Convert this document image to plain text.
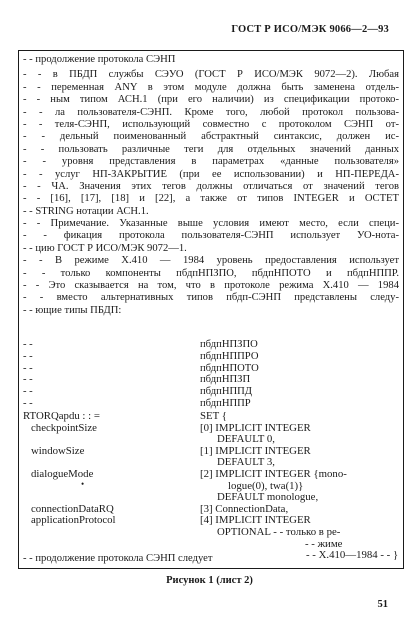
ГОСТ Р ИСО/МЭК 9066—2—93
- - продолжение протокола СЭНП
- - в ПБДП службы СЭУО (ГОСТ Р ИСО/МЭК 9072—2). Любая
- - переменная ANY в этом модуле должна быть заменена отдель-
- - ным типом АСН.1 (при его наличии) из спецификации протоко-
- - ла пользователя-СЭНП. Кроме того, любой протокол пользова-
- - теля-СЭНП, использующий совместно с протоколом СЭНП от-
- - дельный поименованный абстрактный синтаксис, должен ис-
- - пользовать различные теги для отдельных значений данных
- - уровня представления в параметрах «данные пользователя»
- - услуг НП-ЗАКРЫТИЕ (при ее использовании) и НП-ПЕРЕДА-
- - ЧА. Значения этих тегов должны отличаться от значений тегов
- - [16], [17], [18] и [22], а также от типов INTEGER и OCTET
- - STRING нотации АСН.1.
- - Примечание. Указанные выше условия имеют место, если специ-
- - фикация протокола пользователя-СЭНП использует УО-нота-
- - цию ГОСТ Р ИСО/МЭК 9072—1.
- - В режиме Х.410 — 1984 уровень предоставления использует
- - только компоненты пбдпНПЗПО, пбдпНПОТО и пбдпНППР.
- - Это сказывается на том, что в протоколе режима Х.410 — 1984
- - вместо альтернативных типов пбдп-СЭНП представлены следу-
- - ющие типы ПБДП:
- -	пбдпНПЗПО
- -	пбдпНППРО
- -	пбдпНПОТО
- -	пбдпНПЗП
- -	пбдпНППД
- -	пбдпНППР
RTORQapdu : : =	SET {
checkpointSize	[0] IMPLICIT INTEGER
DEFAULT 0,
windowSize	[1] IMPLICIT INTEGER
DEFAULT 3,
dialogueMode	[2] IMPLICIT INTEGER {mono-
•	logue(0), twa(1)}
DEFAULT monologue,
connectionDataRQ	[3] ConnectionData,
applicationProtocol	[4] IMPLICIT INTEGER
OPTIONAL - - только в ре-
- - жиме
- - X.410—1984 - - }
- - продолжение протокола СЭНП следует
Рисунок 1 (лист 2)
51
